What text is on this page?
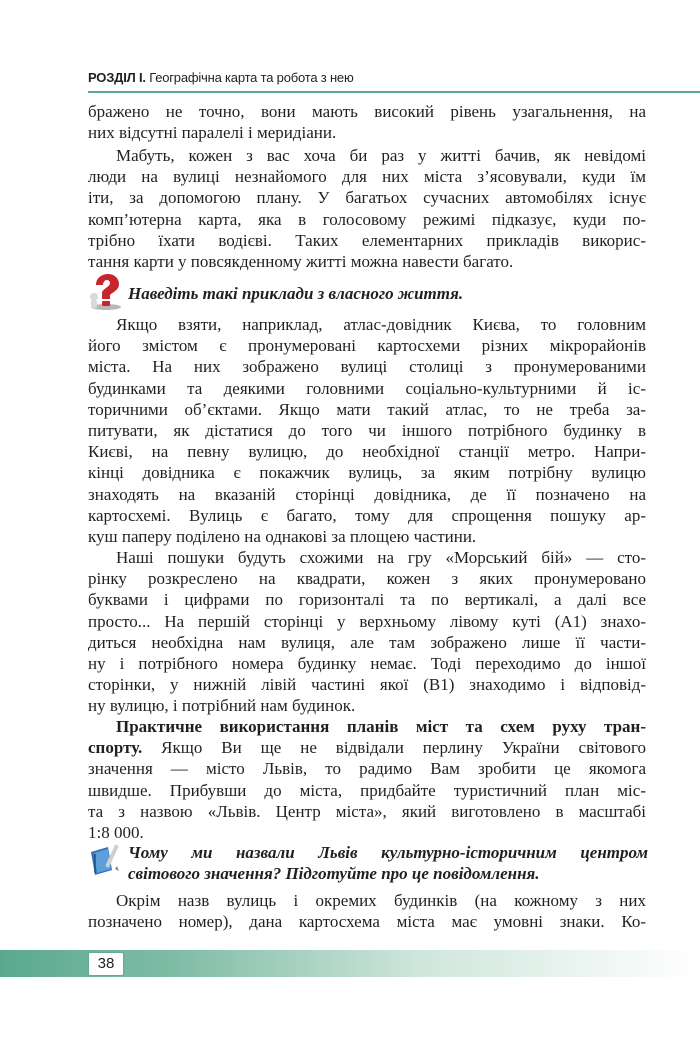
РОЗДІЛ І. Географічна карта та робота з нею

бражено не точно, вони мають високий рівень узагальнення, на

них відсутні паралелі і меридіани.

Мабуть, кожен з вас хоча би раз у житті бачив, як невідомі

люди на вулиці незнайомого для них міста з’ясовували, куди їм

іти, за допомогою плану. У багатьох сучасних автомобілях існує

комп’ютерна карта, яка в голосовому режимі підказує, куди по-

трібно їхати водієві. Таких елементарних прикладів викорис-

тання карти у повсякденному житті можна навести багато.

Наведіть такі приклади з власного життя.

Якщо взяти, наприклад, атлас-довідник Києва, то головним

його змістом є пронумеровані картосхеми різних мікрорайонів

міста. На них зображено вулиці столиці з пронумерованими

будинками та деякими головними соціально-культурними й іс-

торичними об’єктами. Якщо мати такий атлас, то не треба за-

питувати, як дістатися до того чи іншого потрібного будинку в

Києві, на певну вулицю, до необхідної станції метро. Напри-

кінці довідника є покажчик вулиць, за яким потрібну вулицю

знаходять на вказаній сторінці довідника, де її позначено на

картосхемі. Вулиць є багато, тому для спрощення пошуку ар-

куш паперу поділено на однакові за площею частини.

Наші пошуки будуть схожими на гру «Морський бій» — сто-

рінку розкреслено на квадрати, кожен з яких пронумеровано

буквами і цифрами по горизонталі та по вертикалі, а далі все

просто... На першій сторінці у верхньому лівому куті (А1) знахо-

диться необхідна нам вулиця, але там зображено лише її части-

ну і потрібного номера будинку немає. Тоді переходимо до іншої

сторінки, у нижній лівій частині якої (В1) знаходимо і відповід-

ну вулицю, і потрібний нам будинок.

Практичне використання планів міст та схем руху тран-

спорту. Якщо Ви ще не відвідали перлину України світового

значення — місто Львів, то радимо Вам зробити це якомога

швидше. Прибувши до міста, придбайте туристичний план міс-

та з назвою «Львів. Центр міста», який виготовлено в масштабі

1:8 000.

Чому ми назвали Львів культурно-історичним центром

світового значення? Підготуйте про це повідомлення.

Окрім назв вулиць і окремих будинків (на кожному з них

позначено номер), дана картосхема міста має умовні знаки. Ко-

38
